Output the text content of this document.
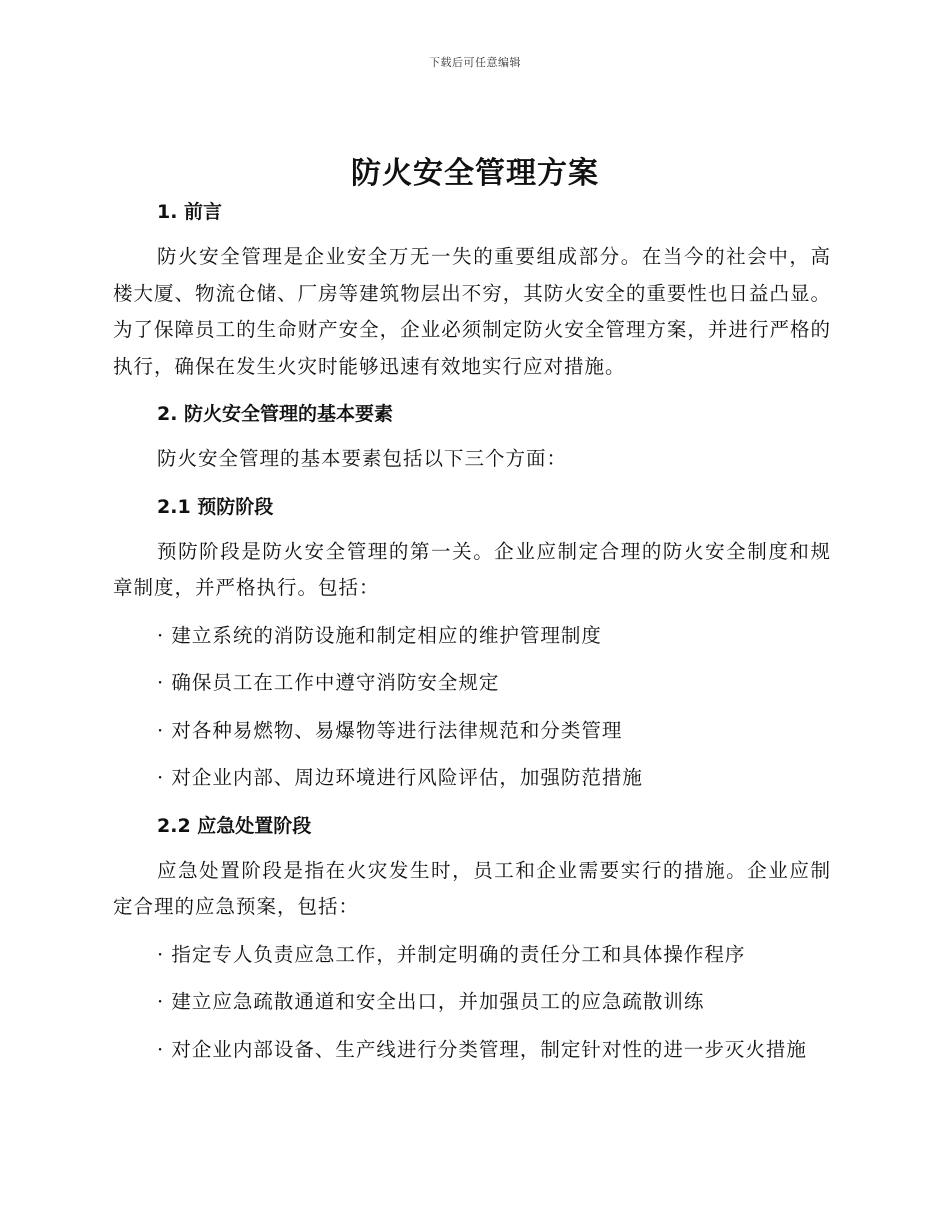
下载后可任意编辑
防火安全管理方案
1. 前言

防火安全管理是企业安全万无一失的重要组成部分。在当今的社会中，高楼大厦、物流仓储、厂房等建筑物层出不穷，其防火安全的重要性也日益凸显。为了保障员工的生命财产安全，企业必须制定防火安全管理方案，并进行严格的执行，确保在发生火灾时能够迅速有效地实行应对措施。

2. 防火安全管理的基本要素

防火安全管理的基本要素包括以下三个方面：

2.1 预防阶段

预防阶段是防火安全管理的第一关。企业应制定合理的防火安全制度和规章制度，并严格执行。包括：

· 建立系统的消防设施和制定相应的维护管理制度

· 确保员工在工作中遵守消防安全规定

· 对各种易燃物、易爆物等进行法律规范和分类管理

· 对企业内部、周边环境进行风险评估，加强防范措施

2.2 应急处置阶段

应急处置阶段是指在火灾发生时，员工和企业需要实行的措施。企业应制定合理的应急预案，包括：

· 指定专人负责应急工作，并制定明确的责任分工和具体操作程序

· 建立应急疏散通道和安全出口，并加强员工的应急疏散训练

· 对企业内部设备、生产线进行分类管理，制定针对性的进一步灭火措施
